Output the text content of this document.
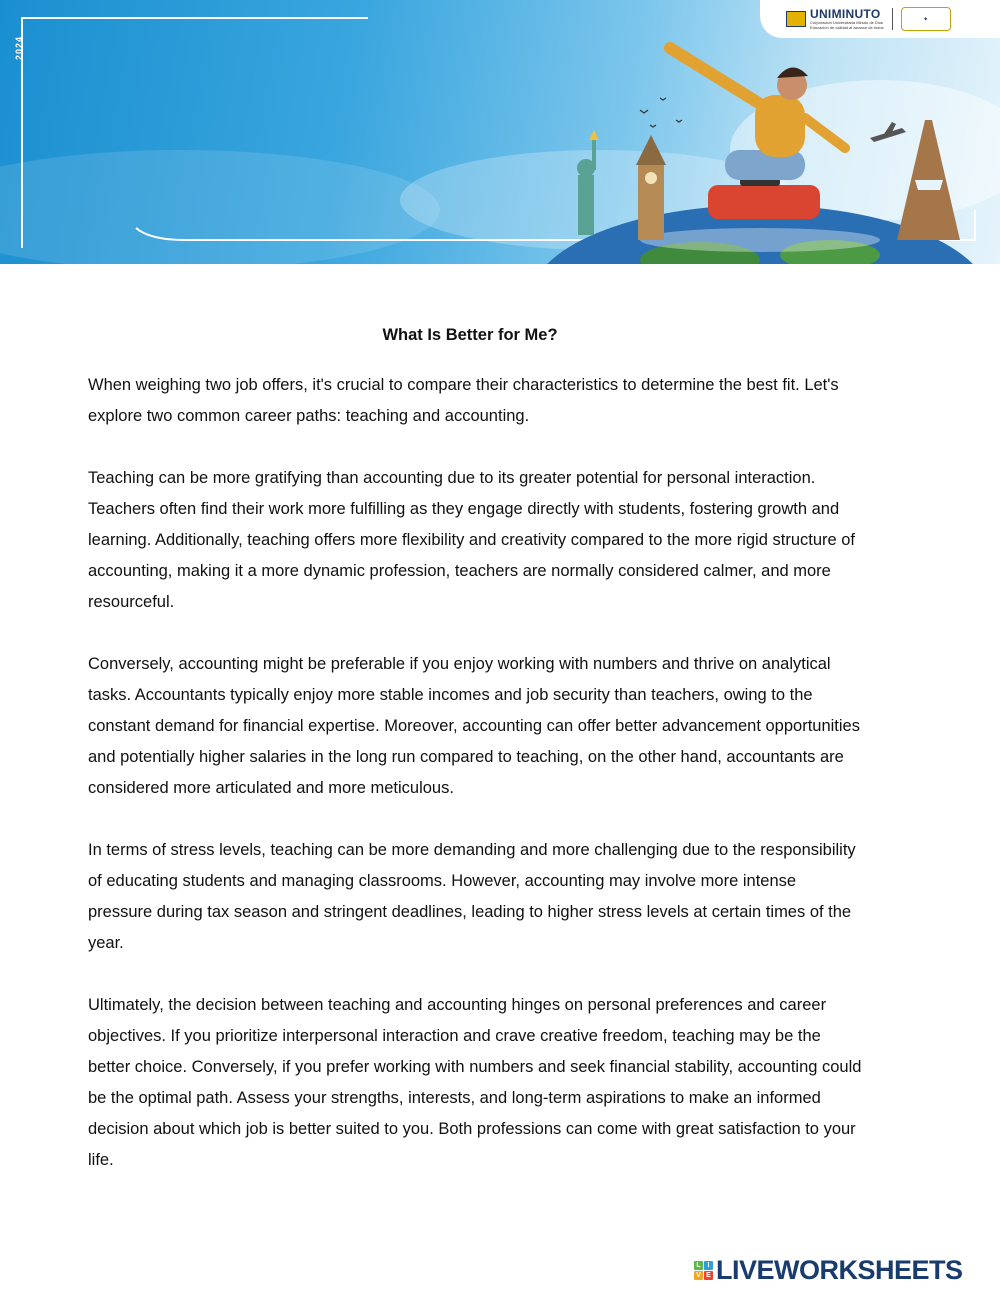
2024
UNIMINUTO
Corporación Universitaria Minuto de Dios
Educación de calidad al alcance de todos
✦
What Is Better for Me?

When weighing two job offers, it's crucial to compare their characteristics to determine the best fit. Let's explore two common career paths: teaching and accounting.

Teaching can be more gratifying than accounting due to its greater potential for personal interaction. Teachers often find their work more fulfilling as they engage directly with students, fostering growth and learning. Additionally, teaching offers more flexibility and creativity compared to the more rigid structure of accounting, making it a more dynamic profession, teachers are normally considered calmer, and more resourceful.

Conversely, accounting might be preferable if you enjoy working with numbers and thrive on analytical tasks. Accountants typically enjoy more stable incomes and job security than teachers, owing to the constant demand for financial expertise. Moreover, accounting can offer better advancement opportunities and potentially higher salaries in the long run compared to teaching, on the other hand, accountants are considered more articulated and more meticulous.

In terms of stress levels, teaching can be more demanding and more challenging due to the responsibility of educating students and managing classrooms. However, accounting may involve more intense pressure during tax season and stringent deadlines, leading to higher stress levels at certain times of the year.

Ultimately, the decision between teaching and accounting hinges on personal preferences and career objectives. If you prioritize interpersonal interaction and crave creative freedom, teaching may be the better choice. Conversely, if you prefer working with numbers and seek financial stability, accounting could be the optimal path. Assess your strengths, interests, and long-term aspirations to make an informed decision about which job is better suited to you. Both professions can come with great satisfaction to your life.

L I
V E LIVEWORKSHEETS
